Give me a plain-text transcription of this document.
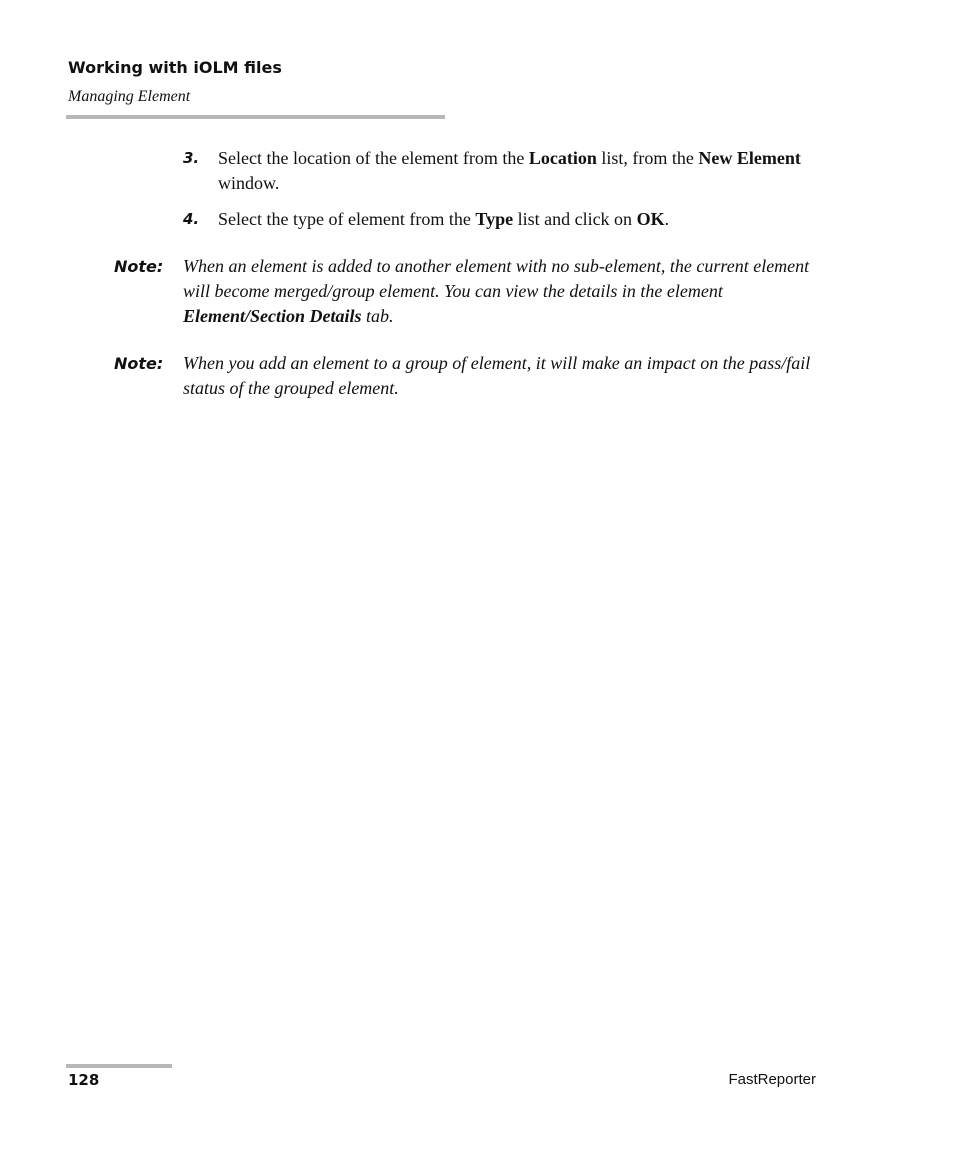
Working with iOLM files
Managing Element
3. Select the location of the element from the Location list, from the New Element window.
4. Select the type of element from the Type list and click on OK.
Note: When an element is added to another element with no sub-element, the current element will become merged/group element. You can view the details in the element Element/Section Details tab.
Note: When you add an element to a group of element, it will make an impact on the pass/fail status of the grouped element.
128	FastReporter
